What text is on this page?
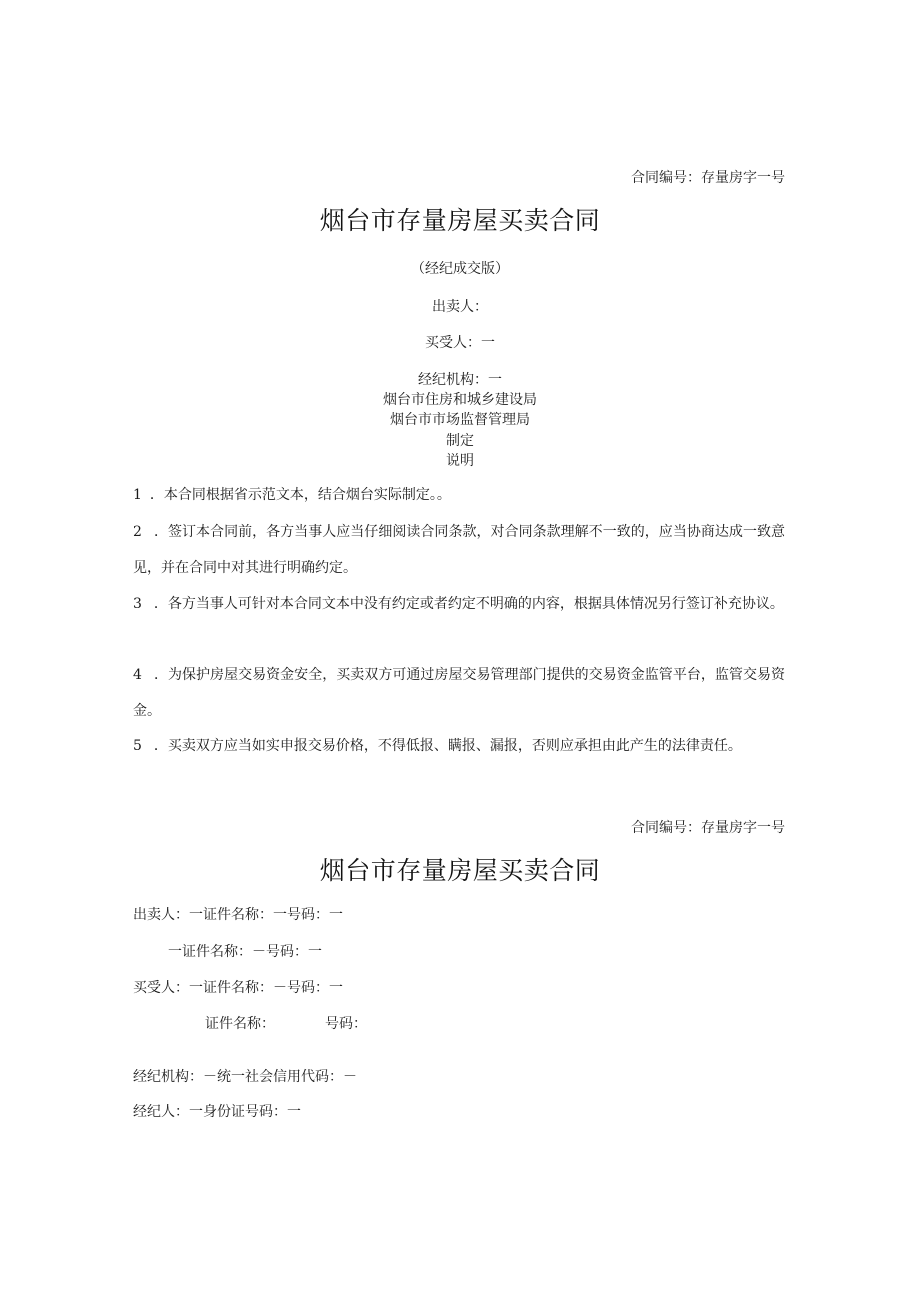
合同编号：存量房字一号
烟台市存量房屋买卖合同
（经纪成交版）
出卖人：
买受人：一
经纪机构：一
烟台市住房和城乡建设局
烟台市市场监督管理局
制定
说明
1 ．本合同根据省示范文本，结合烟台实际制定。。
2 ．签订本合同前，各方当事人应当仔细阅读合同条款，对合同条款理解不一致的，应当协商达成一致意见，并在合同中对其进行明确约定。
3 ．各方当事人可针对本合同文本中没有约定或者约定不明确的内容，根据具体情况另行签订补充协议。
4 ．为保护房屋交易资金安全，买卖双方可通过房屋交易管理部门提供的交易资金监管平台，监管交易资金。
5 ．买卖双方应当如实申报交易价格，不得低报、瞒报、漏报，否则应承担由此产生的法律责任。
合同编号：存量房字一号
烟台市存量房屋买卖合同
出卖人：一证件名称：一号码：一
一证件名称：－号码：一
买受人：一证件名称：－号码：一
证件名称：	号码：
经纪机构：－统一社会信用代码：－
经纪人：一身份证号码：一
